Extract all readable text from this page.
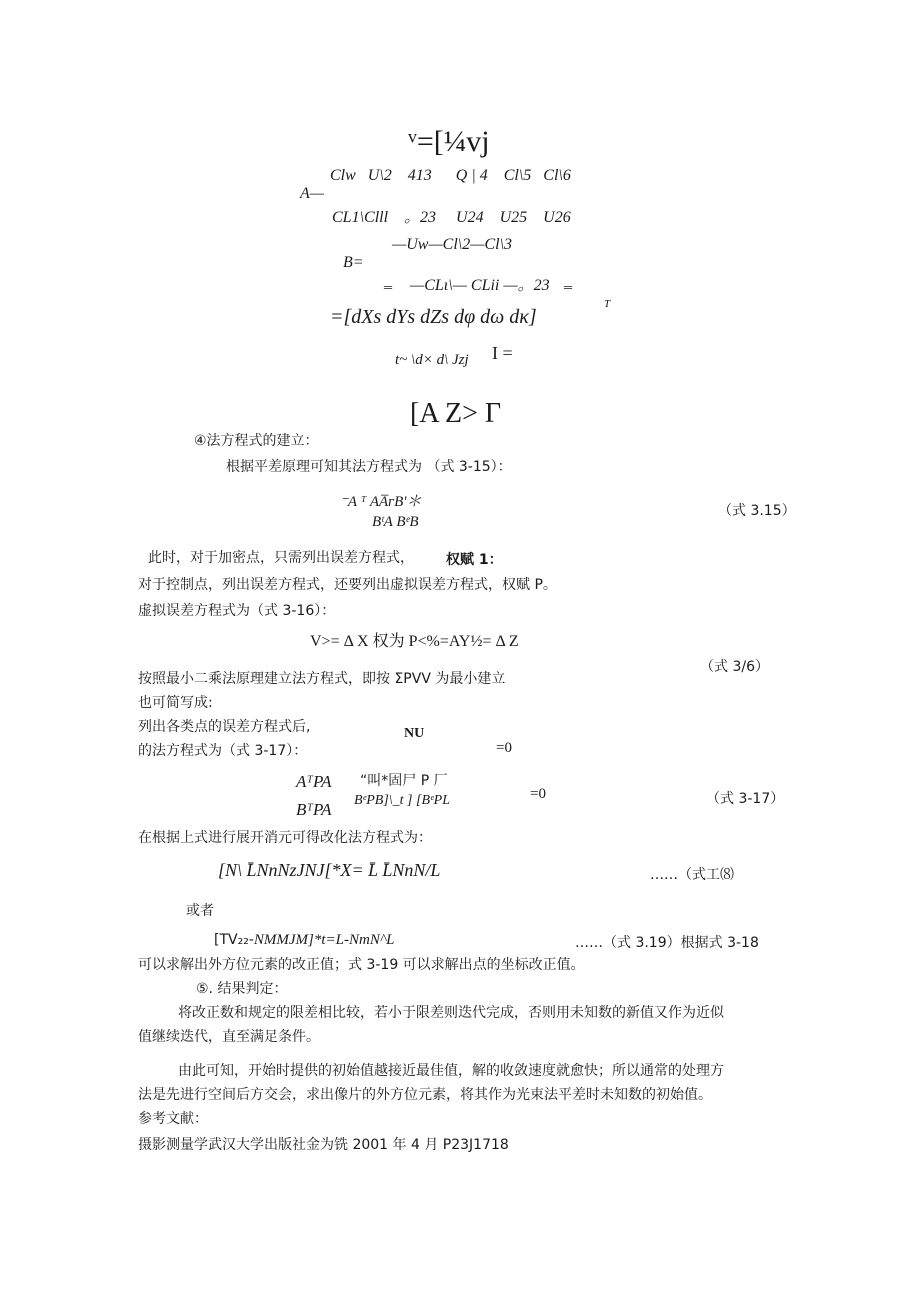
ᵛ=[¼vj
A—
Clw   U\2    413      Q | 4    Cl\5   Cl\6
CL1\Clll    。23     U24    U25    U26
—Uw—Cl\2—Cl\3
B=
‗ —CLι\— CLii —。23 ‗
=[dXs dYs dZs dφ dω dκ]
T
t~ \d× d\ Jzj I =
[A Z> Γ
④法方程式的建立：
根据平差原理可知其法方程式为 （式 3-15）：
⁻A ᵀ AA̅ᴦB'＊
BᵗA BᵉB
（式 3.15）
此时，对于加密点，只需列出误差方程式， 权赋 1：
对于控制点，列出误差方程式，还要列出虚拟误差方程式，权赋 P。
虚拟误差方程式为（式 3-16）：
V>= Δ X 权为 P<%=AY½= Δ Z
（式 3/6）
按照最小二乘法原理建立法方程式，即按 ΣPVV 为最小建立
也可简写成:
列出各类点的误差方程式后,
的法方程式为（式 3-17）：
NU
=0
AᵀPA
BᵀPA
“叫*固尸 P 厂
BᵉPB]\_t ] [BᵉPL	=0	（式 3-17）
在根据上式进行展开消元可得改化法方程式为：
[N\ L̄NnNzJNJ[*X= L̄ L̄NnN/L	……（式工⑻
或者
[TV₂₂-NMMJM]*t=L-NmN^L	……（式 3.19）根据式 3-18
可以求解出外方位元素的改正值；式 3-19 可以求解出点的坐标改正值。
⑤. 结果判定：
将改正数和规定的限差相比较，若小于限差则迭代完成，否则用未知数的新值又作为近似
值继续迭代，直至满足条件。
由此可知，开始时提供的初始值越接近最佳值，解的收敛速度就愈快；所以通常的处理方
法是先进行空间后方交会，求出像片的外方位元素，将其作为光束法平差时未知数的初始值。
参考文献：
摄影测量学武汉大学出版社金为铣 2001 年 4 月 P23J1718
